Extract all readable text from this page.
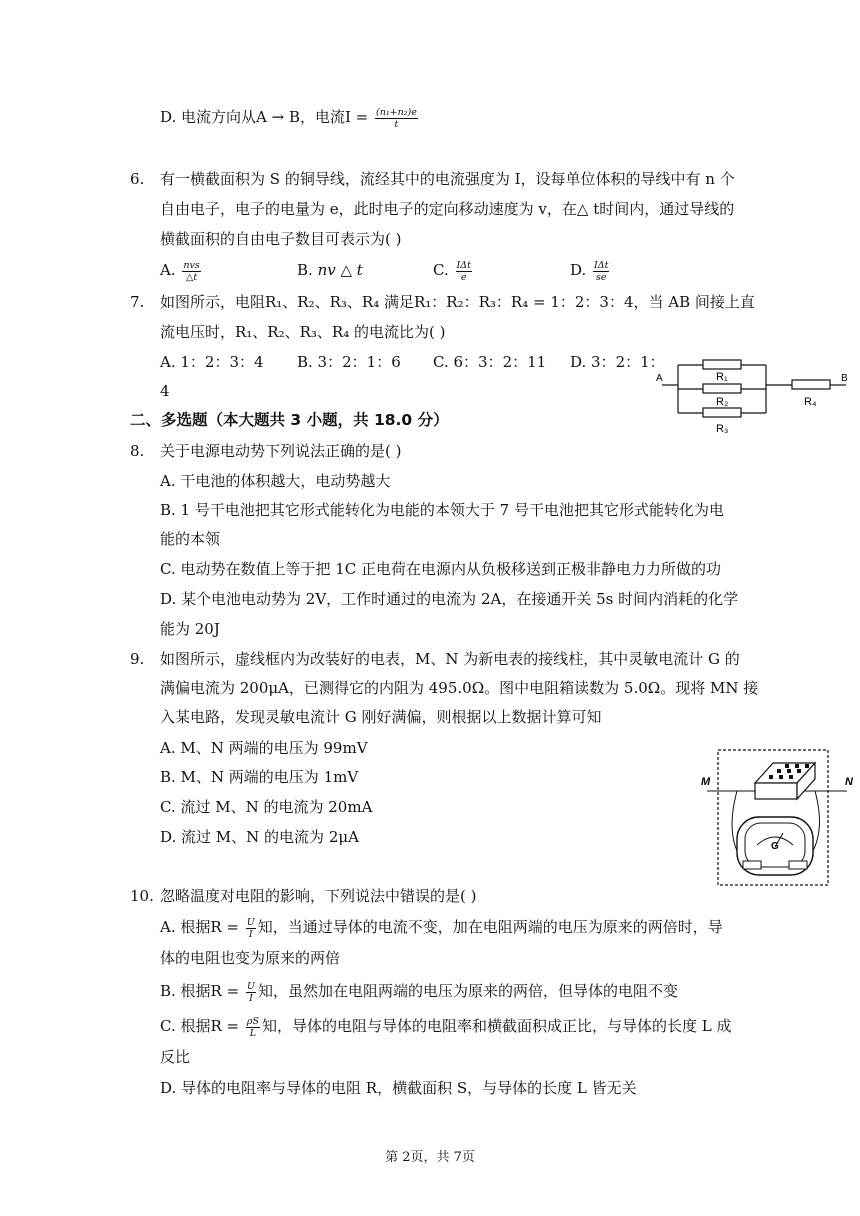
D. 电流方向从A → B，电流$I = \frac{\text{(n₁+n₂)e}}{t}$
6. 有一横截面积为 S 的铜导线，流经其中的电流强度为 I，设每单位体积的导线中有 n 个
自由电子，电子的电量为 e，此时电子的定向移动速度为 v，在△ t时间内，通过导线的
横截面积的自由电子数目可表示为( )
A. $\frac{\text{nvs}}{\triangle t}$	B. nv △ t	C. $\frac{\text{IΔt}}{e}$	D. $\frac{\text{IΔt}}{se}$
7. 如图所示，电阻R₁、R₂、R₃、R₄ 满足R₁：R₂：R₃：R₄ = 1：2：3：4，当 AB 间接上直
流电压时，R₁、R₂、R₃、R₄ 的电流比为( )
A. 1：2：3：4 B. 3：2：1：6 C. 6：3：2：11 D. 3：2：1：
4
A	B
R₁
R₂
R₃
R₄
二、多选题（本大题共 3 小题，共 18.0 分）
8. 关于电源电动势下列说法正确的是( )
A. 干电池的体积越大，电动势越大
B. 1 号干电池把其它形式能转化为电能的本领大于 7 号干电池把其它形式能转化为电
能的本领
C. 电动势在数值上等于把 1C 正电荷在电源内从负极移送到正极非静电力力所做的功
D. 某个电池电动势为 2V，工作时通过的电流为 2A，在接通开关 5s 时间内消耗的化学
能为 20J
9. 如图所示，虚线框内为改装好的电表，M、N 为新电表的接线柱，其中灵敏电流计 G 的
满偏电流为 200μA，已测得它的内阻为 495.0Ω。图中电阻箱读数为 5.0Ω。现将 MN 接
入某电路，发现灵敏电流计 G 刚好满偏，则根据以上数据计算可知
A. M、N 两端的电压为 99mV
B. M、N 两端的电压为 1mV
C. 流过 M、N 的电流为 20mA
D. 流过 M、N 的电流为 2μA
G
M	N
10. 忽略温度对电阻的影响，下列说法中错误的是( )
A. 根据$R = \frac{U}{I}$ 知，当通过导体的电流不变，加在电阻两端的电压为原来的两倍时，导
体的电阻也变为原来的两倍
B. 根据$R = \frac{U}{I}$ 知，虽然加在电阻两端的电压为原来的两倍，但导体的电阻不变
C. 根据$R = \frac{\rho S}{L}$ 知，导体的电阻与导体的电阻率和横截面积成正比，与导体的长度 L 成
反比
D. 导体的电阻率与导体的电阻 R，横截面积 S，与导体的长度 L 皆无关
第 2页，共 7页
